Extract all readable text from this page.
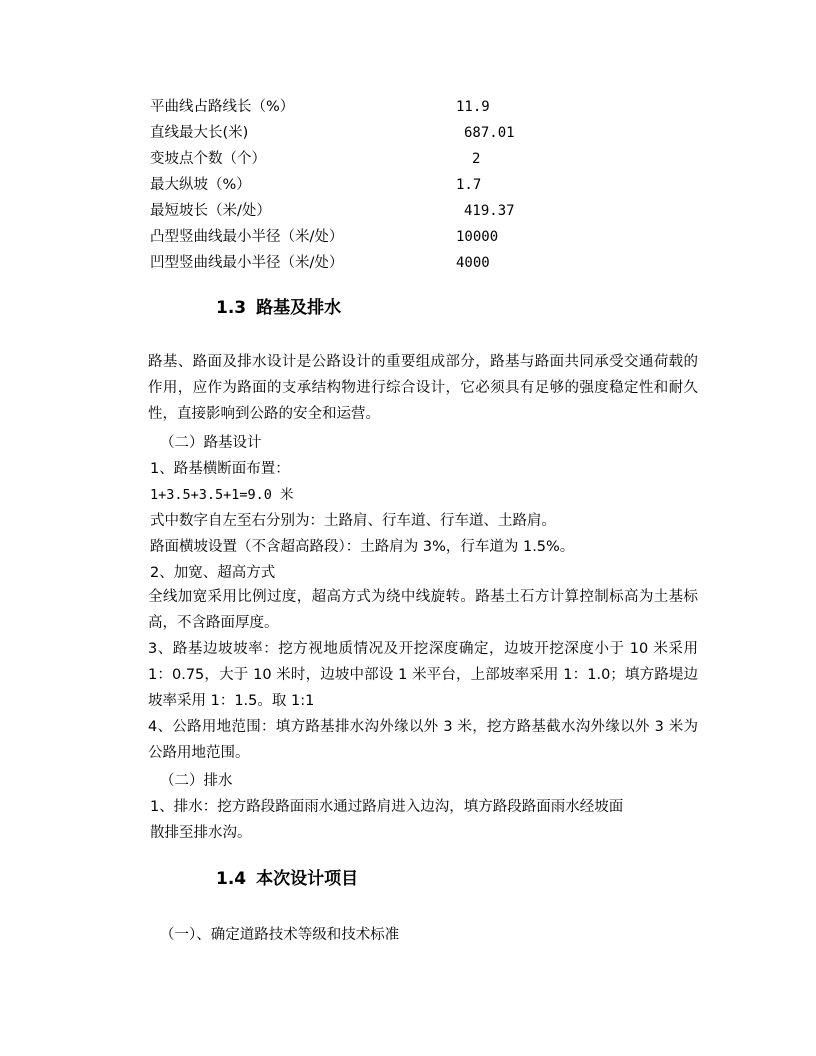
平曲线占路线长（%）	11.9
直线最大长(米)	687.01
变坡点个数（个）	2
最大纵坡（%）	1.7
最短坡长（米/处）	419.37
凸型竖曲线最小半径（米/处）	10000
凹型竖曲线最小半径（米/处）	4000
1.3 路基及排水
路基、路面及排水设计是公路设计的重要组成部分，路基与路面共同承受交通荷载的作用，应作为路面的支承结构物进行综合设计，它必须具有足够的强度稳定性和耐久性，直接影响到公路的安全和运营。
（二）路基设计
1、路基横断面布置：
1+3.5+3.5+1=9.0 米
式中数字自左至右分别为：土路肩、行车道、行车道、土路肩。
路面横坡设置（不含超高路段）：土路肩为 3%，行车道为 1.5%。
2、加宽、超高方式
全线加宽采用比例过度，超高方式为绕中线旋转。路基土石方计算控制标高为土基标高，不含路面厚度。
3、路基边坡坡率：挖方视地质情况及开挖深度确定，边坡开挖深度小于 10 米采用 1：0.75，大于 10 米时，边坡中部设 1 米平台，上部坡率采用 1：1.0；填方路堤边坡率采用 1：1.5。取 1:1
4、公路用地范围：填方路基排水沟外缘以外 3 米，挖方路基截水沟外缘以外 3 米为公路用地范围。
（二）排水
1、排水：挖方路段路面雨水通过路肩进入边沟，填方路段路面雨水经坡面
散排至排水沟。
1.4 本次设计项目
（一）、确定道路技术等级和技术标准
